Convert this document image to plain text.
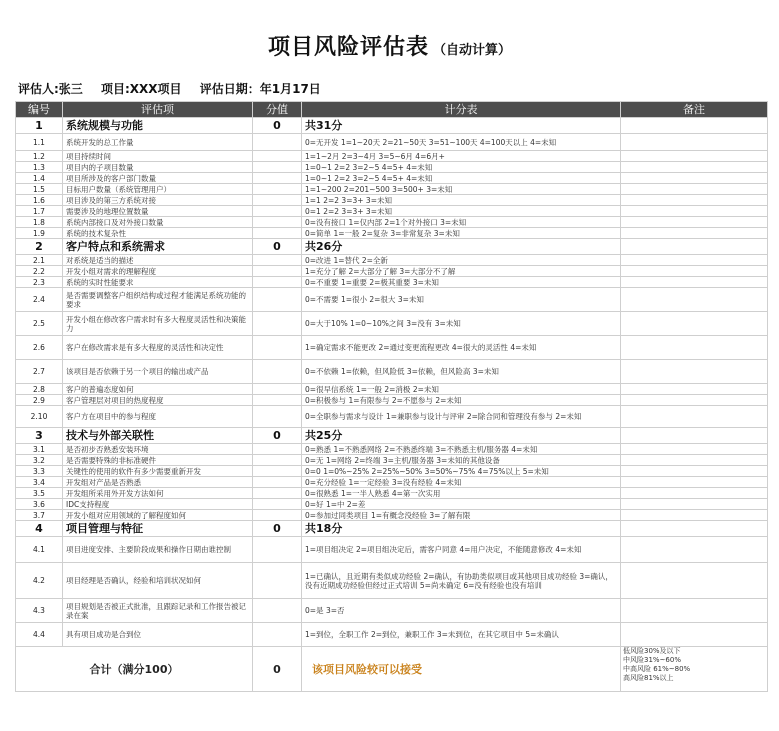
项目风险评估表 （自动计算）
评估人:张三 项目:XXX项目 评估日期：年1月17日
编号	评估项	分值	计分表	备注
1	系统规模与功能	0	共31分	
1.1	系统开发的总工作量		0=无开发 1=1~20天 2=21~50天 3=51~100天 4=100天以上 4=未知	
1.2	项目持续时间		1=1~2月 2=3~4月 3=5~6月 4=6月+	
1.3	项目内的子项目数量		1=0~1 2=2 3=2~5 4=5+ 4=未知	
1.4	项目所涉及的客户部门数量		1=0~1 2=2 3=2~5 4=5+ 4=未知	
1.5	目标用户数量（系统管理用户）		1=1~200 2=201~500 3=500+ 3=未知	
1.6	项目涉及的第三方系统对接		1=1 2=2 3=3+ 3=未知	
1.7	需要涉及的地理位置数量		0=1 2=2 3=3+ 3=未知	
1.8	系统内部接口及对外接口数量		0=没有接口 1=仅内部 2=1个对外接口 3=未知	
1.9	系统的技术复杂性		0=简单 1=一般 2=复杂 3=非常复杂 3=未知	
2	客户特点和系统需求	0	共26分	
2.1	对系统是适当的描述		0=改进 1=替代 2=全新	
2.2	开发小组对需求的理解程度		1=充分了解 2=大部分了解 3=大部分不了解	
2.3	系统的实时性能要求		0=不重要 1=重要 2=极其重要 3=未知	
2.4	是否需要调整客户组织结构或过程才能满足系统功能的要求		0=不需要 1=很小 2=很大 3=未知	
2.5	开发小组在修改客户需求时有多大程度灵活性和决策能力		0=大于10% 1=0~10%之间 3=没有 3=未知	
2.6	客户在修改需求是有多大程度的灵活性和决定性		1=确定需求不能更改 2=通过变更流程更改 4=很大的灵活性 4=未知	
2.7	该项目是否依赖于另一个项目的输出或产品		0=不依赖 1=依赖，但风险低 3=依赖，但风险高 3=未知	
2.8	客户的普遍态度如何		0=很早信系统 1=一般 2=消极 2=未知	
2.9	客户管理层对项目的热度程度		0=积极参与 1=有限参与 2=不愿参与 2=未知	
2.10	客户方在项目中的参与程度		0=全职参与需求与设计 1=兼职参与设计与评审 2=除合同和管理没有参与 2=未知	
3	技术与外部关联性	0	共25分	
3.1	是否初步否熟悉安装环境		0=熟悉 1=不熟悉网络 2=不熟悉终端 3=不熟悉主机/服务器 4=未知	
3.2	是否需要特殊的非标准硬件		0=无 1=网络 2=终端 3=主机/服务器 3=未知的其他设备	
3.3	关键性的使用的软件有多少需要重新开发		0=0 1=0%~25% 2=25%~50% 3=50%~75% 4=75%以上 5=未知	
3.4	开发组对产品是否熟悉		0=充分经验 1=一定经验 3=没有经验 4=未知	
3.5	开发组所采用外开发方法如何		0=很熟悉 1=一半人熟悉 4=第一次实用	
3.6	IDC支持程度		0=好 1=中 2=差	
3.7	开发小组对应用领域的了解程度如何		0=参加过同类项目 1=有概念没经验 3=了解有限	
4	项目管理与特征	0	共18分	
4.1	项目进度安排、主要阶段成果和操作日期由谁控制		1=项目组决定 2=项目组决定后，需客户同意 4=用户决定，不能随意修改 4=未知	
4.2	项目经理是否确认，经验和培训状况如何		1=已确认，且近期有类似成功经验 2=确认，有协助类似项目或其他项目成功经验 3=确认，没有近期成功经验但经过正式培训 5=尚未确定 6=没有经验也没有培训	
4.3	项目规划是否被正式批准，且跟踪记录和工作报告被记录在案		0=是 3=否	
4.4	具有项目成功是合到位		1=到位，全职工作 2=到位，兼职工作 3=未到位，在其它项目中 5=未确认	
合计（满分100）		0	该项目风险较可以接受	低风险30%及以下
中风险31%~60%
中高风险 61%~80%
高风险81%以上
